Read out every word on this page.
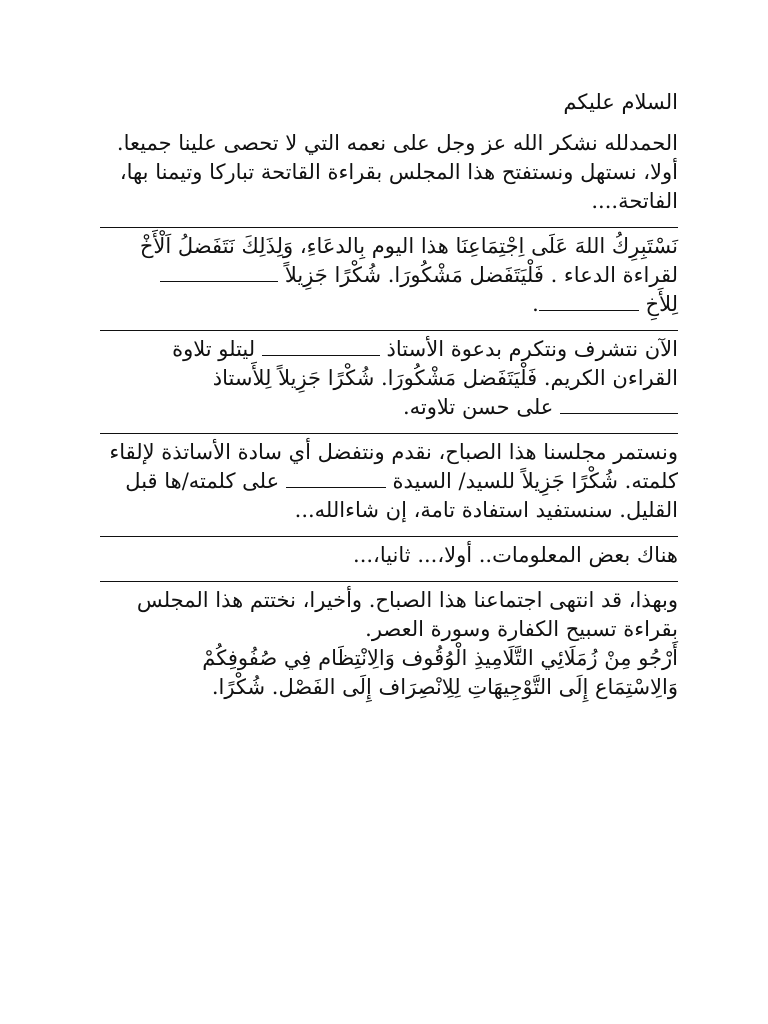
السلام عليكم

الحمدلله نشكر الله عز وجل على نعمه التي لا تحصى علينا جميعا.
أولا، نستهل ونستفتح هذا المجلس بقراءة القاتحة تباركا وتيمنا بها،
الفاتحة....
نَسْتَبِرِكُ اللهَ عَلَى اِجْتِمَاعِنَا هذا اليوم بِالدعَاءِ، وَلِذَلِكَ نَتَفَضلُ اَلْأَخْ
لقراءة الدعاء . فَلْيَتَفَضل مَشْكُورَا. شُكْرًا جَزِيلاً
لِلأَخِ .
الآن نتشرف ونتكرم بدعوة الأستاذ  ليتلو تلاوة
القراءن الكريم. فَلْيَتَفَضل مَشْكُورَا. شُكْرًا جَزِيلاً لِلأَستاذ
على حسن تلاوته.
ونستمر مجلسنا هذا الصباح، نقدم ونتفضل أي سادة الأساتذة لإلقاء
كلمته. شُكْرًا جَزِيلاً للسيد/ السيدة  على كلمته/ها قبل
القليل. سنستفيد استفادة تامة، إن شاءالله...
هناك بعض المعلومات.. أولا،... ثانيا،...
وبهذا، قد انتهى اجتماعنا هذا الصباح. وأخيرا، نختتم هذا المجلس
بقراءة تسبيح الكفارة وسورة العصر.
أَرْجُو مِنْ زُمَلَائِي التَّلَامِيذِ الْوُقُوف وَالِانْتِظَام فِي صُفُوفِكُمْ
وَالِاسْتِمَاع إِلَى التَّوْجِيهَاتِ لِلِانْصِرَاف إِلَى الفَصْل. شُكْرًا.
